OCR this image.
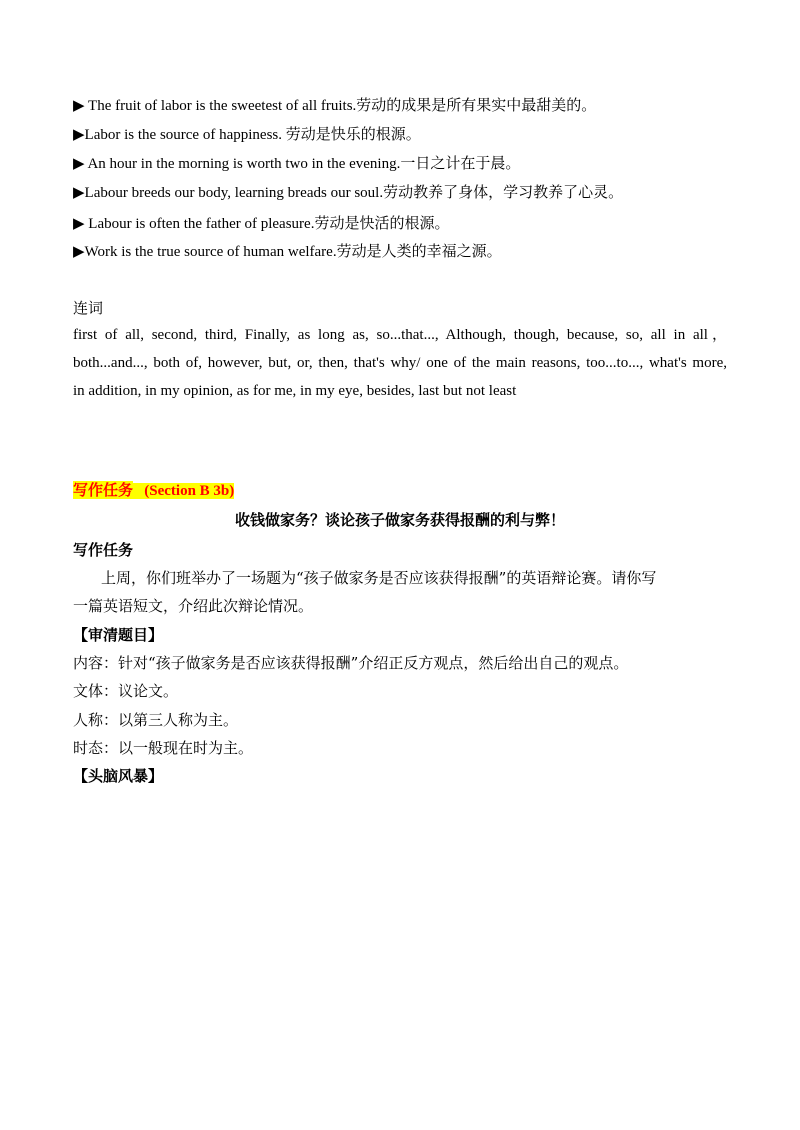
▶ The fruit of labor is the sweetest of all fruits.劳动的成果是所有果实中最甜美的。
▶Labor is the source of happiness. 劳动是快乐的根源。
▶ An hour in the morning is worth two in the evening.一日之计在于晨。
▶Labour breeds our body, learning breads our soul.劳动教养了身体，学习教养了心灵。
▶ Labour is often the father of pleasure.劳动是快活的根源。
▶Work is the true source of human welfare.劳动是人类的幸福之源。
连词
first of all, second, third, Finally, as long as, so...that..., Although, though, because, so, all in all，
both...and..., both of, however, but, or, then, that's why/ one of the main reasons, too...to..., what's more,
in addition, in my opinion, as for me, in my eye, besides, last but not least
写作任务 (Section B 3b)
收钱做家务？谈论孩子做家务获得报酬的利与弊！
写作任务
上周，你们班举办了一场题为“孩子做家务是否应该获得报酬”的英语辩论赛。请你写
一篇英语短文，介绍此次辩论情况。
【审清题目】
内容：针对“孩子做家务是否应该获得报酬”介绍正反方观点，然后给出自己的观点。
文体：议论文。
人称：以第三人称为主。
时态：以一般现在时为主。
【头脑风暴】
